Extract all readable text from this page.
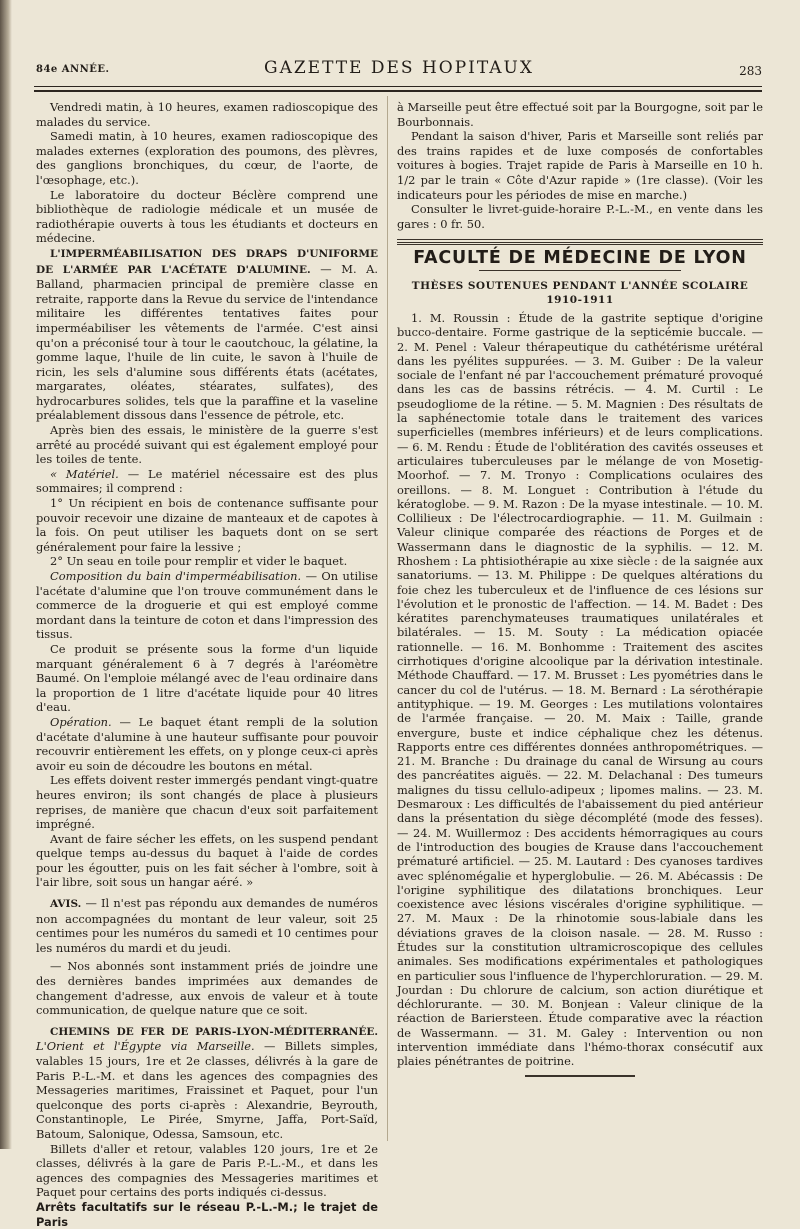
84e ANNÉE.	GAZETTE DES HOPITAUX	283

Vendredi matin, à 10 heures, examen radioscopique des malades du service.

Samedi matin, à 10 heures, examen radioscopique des malades externes (exploration des poumons, des plèvres, des ganglions bronchiques, du cœur, de l'aorte, de l'œsophage, etc.).

Le laboratoire du docteur Béclère comprend une bibliothèque de radiologie médicale et un musée de radiothérapie ouverts à tous les étudiants et docteurs en médecine.

L'IMPERMÉABILISATION DES DRAPS D'UNIFORME DE L'ARMÉE PAR L'ACÉTATE D'ALUMINE. — M. A. Balland, pharmacien principal de première classe en retraite, rapporte dans la Revue du service de l'intendance militaire les différentes tentatives faites pour imperméabiliser les vêtements de l'armée. C'est ainsi qu'on a préconisé tour à tour le caoutchouc, la gélatine, la gomme laque, l'huile de lin cuite, le savon à l'huile de ricin, les sels d'alumine sous différents états (acétates, margarates, oléates, stéarates, sulfates), des hydrocarbures solides, tels que la paraffine et la vaseline préalablement dissous dans l'essence de pétrole, etc.

Après bien des essais, le ministère de la guerre s'est arrêté au procédé suivant qui est également employé pour les toiles de tente.

« Matériel. — Le matériel nécessaire est des plus sommaires; il comprend :

1° Un récipient en bois de contenance suffisante pour pouvoir recevoir une dizaine de manteaux et de capotes à la fois. On peut utiliser les baquets dont on se sert généralement pour faire la lessive ;

2° Un seau en toile pour remplir et vider le baquet.

Composition du bain d'imperméabilisation. — On utilise l'acétate d'alumine que l'on trouve communément dans le commerce de la droguerie et qui est employé comme mordant dans la teinture de coton et dans l'impression des tissus.

Ce produit se présente sous la forme d'un liquide marquant généralement 6 à 7 degrés à l'aréomètre Baumé. On l'emploie mélangé avec de l'eau ordinaire dans la proportion de 1 litre d'acétate liquide pour 40 litres d'eau.

Opération. — Le baquet étant rempli de la solution d'acétate d'alumine à une hauteur suffisante pour pouvoir recouvrir entièrement les effets, on y plonge ceux-ci après avoir eu soin de découdre les boutons en métal.

Les effets doivent rester immergés pendant vingt-quatre heures environ; ils sont changés de place à plusieurs reprises, de manière que chacun d'eux soit parfaitement imprégné.

Avant de faire sécher les effets, on les suspend pendant quelque temps au-dessus du baquet à l'aide de cordes pour les égoutter, puis on les fait sécher à l'ombre, soit à l'air libre, soit sous un hangar aéré. »

AVIS. — Il n'est pas répondu aux demandes de numéros non accompagnées du montant de leur valeur, soit 25 centimes pour les numéros du samedi et 10 centimes pour les numéros du mardi et du jeudi.

— Nos abonnés sont instamment priés de joindre une des dernières bandes imprimées aux demandes de changement d'adresse, aux envois de valeur et à toute communication, de quelque nature que ce soit.

CHEMINS DE FER DE PARIS-LYON-MÉDITERRANÉE. L'Orient et l'Égypte via Marseille. — Billets simples, valables 15 jours, 1re et 2e classes, délivrés à la gare de Paris P.-L.-M. et dans les agences des compagnies des Messageries maritimes, Fraissinet et Paquet, pour l'un quelconque des ports ci-après : Alexandrie, Beyrouth, Constantinople, Le Pirée, Smyrne, Jaffa, Port-Saïd, Batoum, Salonique, Odessa, Samsoun, etc.

Billets d'aller et retour, valables 120 jours, 1re et 2e classes, délivrés à la gare de Paris P.-L.-M., et dans les agences des compagnies des Messageries maritimes et Paquet pour certains des ports indiqués ci-dessus.

Arrêts facultatifs sur le réseau P.-L.-M.; le trajet de Paris

à Marseille peut être effectué soit par la Bourgogne, soit par le Bourbonnais.

Pendant la saison d'hiver, Paris et Marseille sont reliés par des trains rapides et de luxe composés de confortables voitures à bogies. Trajet rapide de Paris à Marseille en 10 h. 1/2 par le train « Côte d'Azur rapide » (1re classe). (Voir les indicateurs pour les périodes de mise en marche.)

Consulter le livret-guide-horaire P.-L.-M., en vente dans les gares : 0 fr. 50.

FACULTÉ DE MÉDECINE DE LYON
THÈSES SOUTENUES PENDANT L'ANNÉE SCOLAIRE
1910-1911

1. M. Roussin : Étude de la gastrite septique d'origine bucco-dentaire. Forme gastrique de la septicémie buccale. — 2. M. Penel : Valeur thérapeutique du cathétérisme urétéral dans les pyélites suppurées. — 3. M. Guiber : De la valeur sociale de l'enfant né par l'accouchement prématuré provoqué dans les cas de bassins rétrécis. — 4. M. Curtil : Le pseudogliome de la rétine. — 5. M. Magnien : Des résultats de la saphénectomie totale dans le traitement des varices superficielles (membres inférieurs) et de leurs complications. — 6. M. Rendu : Étude de l'oblitération des cavités osseuses et articulaires tuberculeuses par le mélange de von Mosetig-Moorhof. — 7. M. Tronyo : Complications oculaires des oreillons. — 8. M. Longuet : Contribution à l'étude du kératoglobe. — 9. M. Razon : De la myase intestinale. — 10. M. Collilieux : De l'électrocardiographie. — 11. M. Guilmain : Valeur clinique comparée des réactions de Porges et de Wassermann dans le diagnostic de la syphilis. — 12. M. Rhoshem : La phtisiothérapie au xixe siècle : de la saignée aux sanatoriums. — 13. M. Philippe : De quelques altérations du foie chez les tuberculeux et de l'influence de ces lésions sur l'évolution et le pronostic de l'affection. — 14. M. Badet : Des kératites parenchymateuses traumatiques unilatérales et bilatérales. — 15. M. Souty : La médication opiacée rationnelle. — 16. M. Bonhomme : Traitement des ascites cirrhotiques d'origine alcoolique par la dérivation intestinale. Méthode Chauffard. — 17. M. Brusset : Les pyométries dans le cancer du col de l'utérus. — 18. M. Bernard : La sérothérapie antityphique. — 19. M. Georges : Les mutilations volontaires de l'armée française. — 20. M. Maix : Taille, grande envergure, buste et indice céphalique chez les détenus. Rapports entre ces différentes données anthropométriques. — 21. M. Branche : Du drainage du canal de Wirsung au cours des pancréatites aiguës. — 22. M. Delachanal : Des tumeurs malignes du tissu cellulo-adipeux ; lipomes malins. — 23. M. Desmaroux : Les difficultés de l'abaissement du pied antérieur dans la présentation du siège décomplété (mode des fesses). — 24. M. Wuillermoz : Des accidents hémorragiques au cours de l'introduction des bougies de Krause dans l'accouchement prématuré artificiel. — 25. M. Lautard : Des cyanoses tardives avec splénomégalie et hyperglobulie. — 26. M. Abécassis : De l'origine syphilitique des dilatations bronchiques. Leur coexistence avec lésions viscérales d'origine syphilitique. — 27. M. Maux : De la rhinotomie sous-labiale dans les déviations graves de la cloison nasale. — 28. M. Russo : Études sur la constitution ultramicroscopique des cellules animales. Ses modifications expérimentales et pathologiques en particulier sous l'influence de l'hyperchloruration. — 29. M. Jourdan : Du chlorure de calcium, son action diurétique et déchlorurante. — 30. M. Bonjean : Valeur clinique de la réaction de Bariersteen. Étude comparative avec la réaction de Wassermann. — 31. M. Galey : Intervention ou non intervention immédiate dans l'hémo-thorax consécutif aux plaies pénétrantes de poitrine.
